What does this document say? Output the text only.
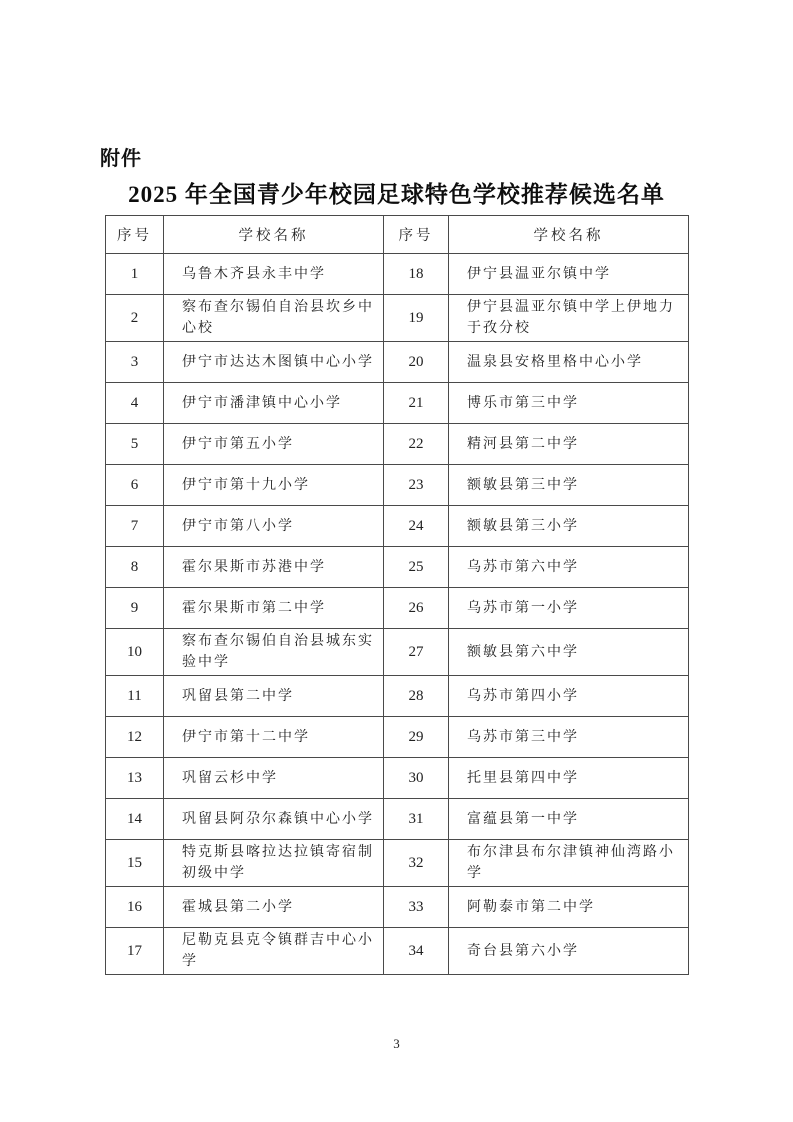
附件
2025 年全国青少年校园足球特色学校推荐候选名单
序号	学校名称	序号	学校名称
1	乌鲁木齐县永丰中学	18	伊宁县温亚尔镇中学
2	察布查尔锡伯自治县坎乡中心校	19	伊宁县温亚尔镇中学上伊地力于孜分校
3	伊宁市达达木图镇中心小学	20	温泉县安格里格中心小学
4	伊宁市潘津镇中心小学	21	博乐市第三中学
5	伊宁市第五小学	22	精河县第二中学
6	伊宁市第十九小学	23	额敏县第三中学
7	伊宁市第八小学	24	额敏县第三小学
8	霍尔果斯市苏港中学	25	乌苏市第六中学
9	霍尔果斯市第二中学	26	乌苏市第一小学
10	察布查尔锡伯自治县城东实验中学	27	额敏县第六中学
11	巩留县第二中学	28	乌苏市第四小学
12	伊宁市第十二中学	29	乌苏市第三中学
13	巩留云杉中学	30	托里县第四中学
14	巩留县阿尕尔森镇中心小学	31	富蕴县第一中学
15	特克斯县喀拉达拉镇寄宿制初级中学	32	布尔津县布尔津镇神仙湾路小学
16	霍城县第二小学	33	阿勒泰市第二中学
17	尼勒克县克令镇群吉中心小学	34	奇台县第六小学
3
